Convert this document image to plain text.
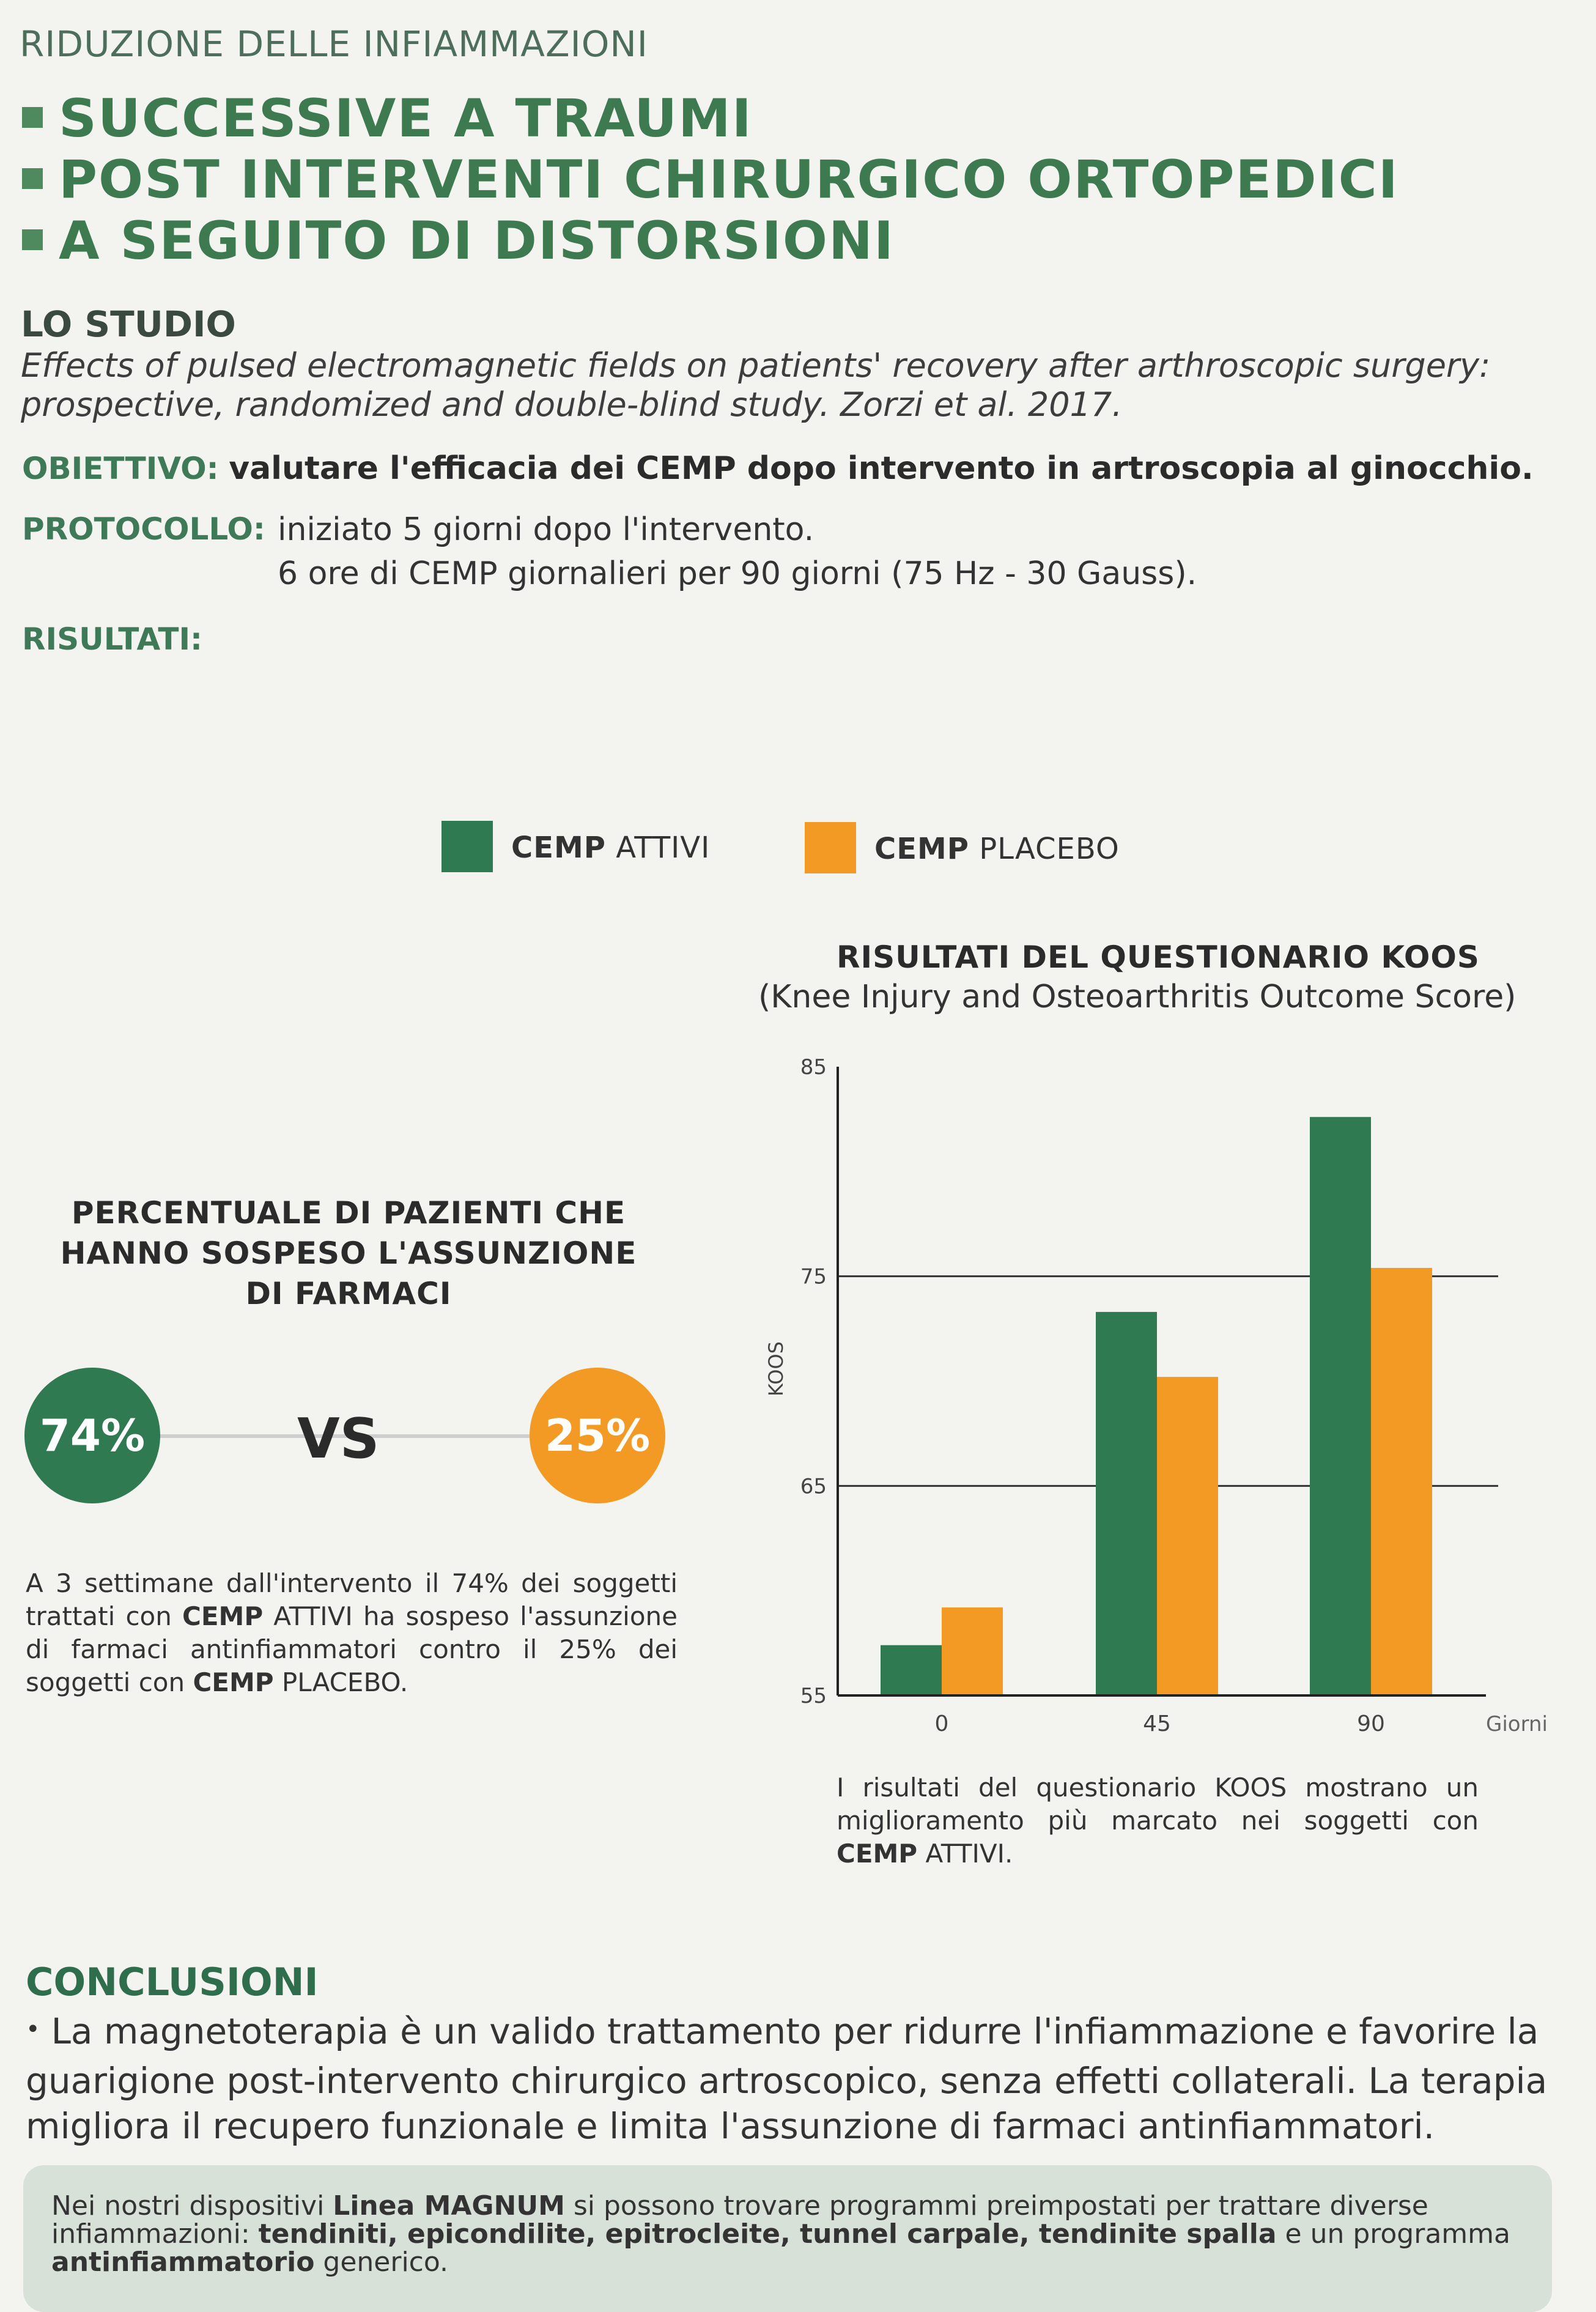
RIDUZIONE DELLE INFIAMMAZIONI
SUCCESSIVE A TRAUMI
POST INTERVENTI CHIRURGICO ORTOPEDICI
A SEGUITO DI DISTORSIONI
LO STUDIO
Effects of pulsed electromagnetic fields on patients' recovery after arthroscopic surgery: prospective, randomized and double-blind study. Zorzi et al. 2017.
OBIETTIVO: valutare l'efficacia dei CEMP dopo intervento in artroscopia al ginocchio.
PROTOCOLLO: iniziato 5 giorni dopo l'intervento.
6 ore di CEMP giornalieri per 90 giorni (75 Hz - 30 Gauss).
RISULTATI:
CEMP ATTIVI	CEMP PLACEBO
PERCENTUALE DI PAZIENTI CHE
HANNO SOSPESO L'ASSUNZIONE
DI FARMACI
74%	VS	25%
A 3 settimane dall'intervento il 74% dei soggetti trattati con CEMP ATTIVI ha sospeso l'assunzione di farmaci antinfiammatori contro il 25% dei soggetti con CEMP PLACEBO.
RISULTATI DEL QUESTIONARIO KOOS
(Knee Injury and Osteoarthritis Outcome Score)
55
65
75
85
0	45	90
KOOS
Giorni
I risultati del questionario KOOS mostrano un miglioramento più marcato nei soggetti con CEMP ATTIVI.
CONCLUSIONI
• La magnetoterapia è un valido trattamento per ridurre l'infiammazione e favorire la guarigione post-intervento chirurgico artroscopico, senza effetti collaterali. La terapia migliora il recupero funzionale e limita l'assunzione di farmaci antinfiammatori.
Nei nostri dispositivi Linea MAGNUM si possono trovare programmi preimpostati per trattare diverse infiammazioni: tendiniti, epicondilite, epitrocleite, tunnel carpale, tendinite spalla e un programma antinfiammatorio generico.
